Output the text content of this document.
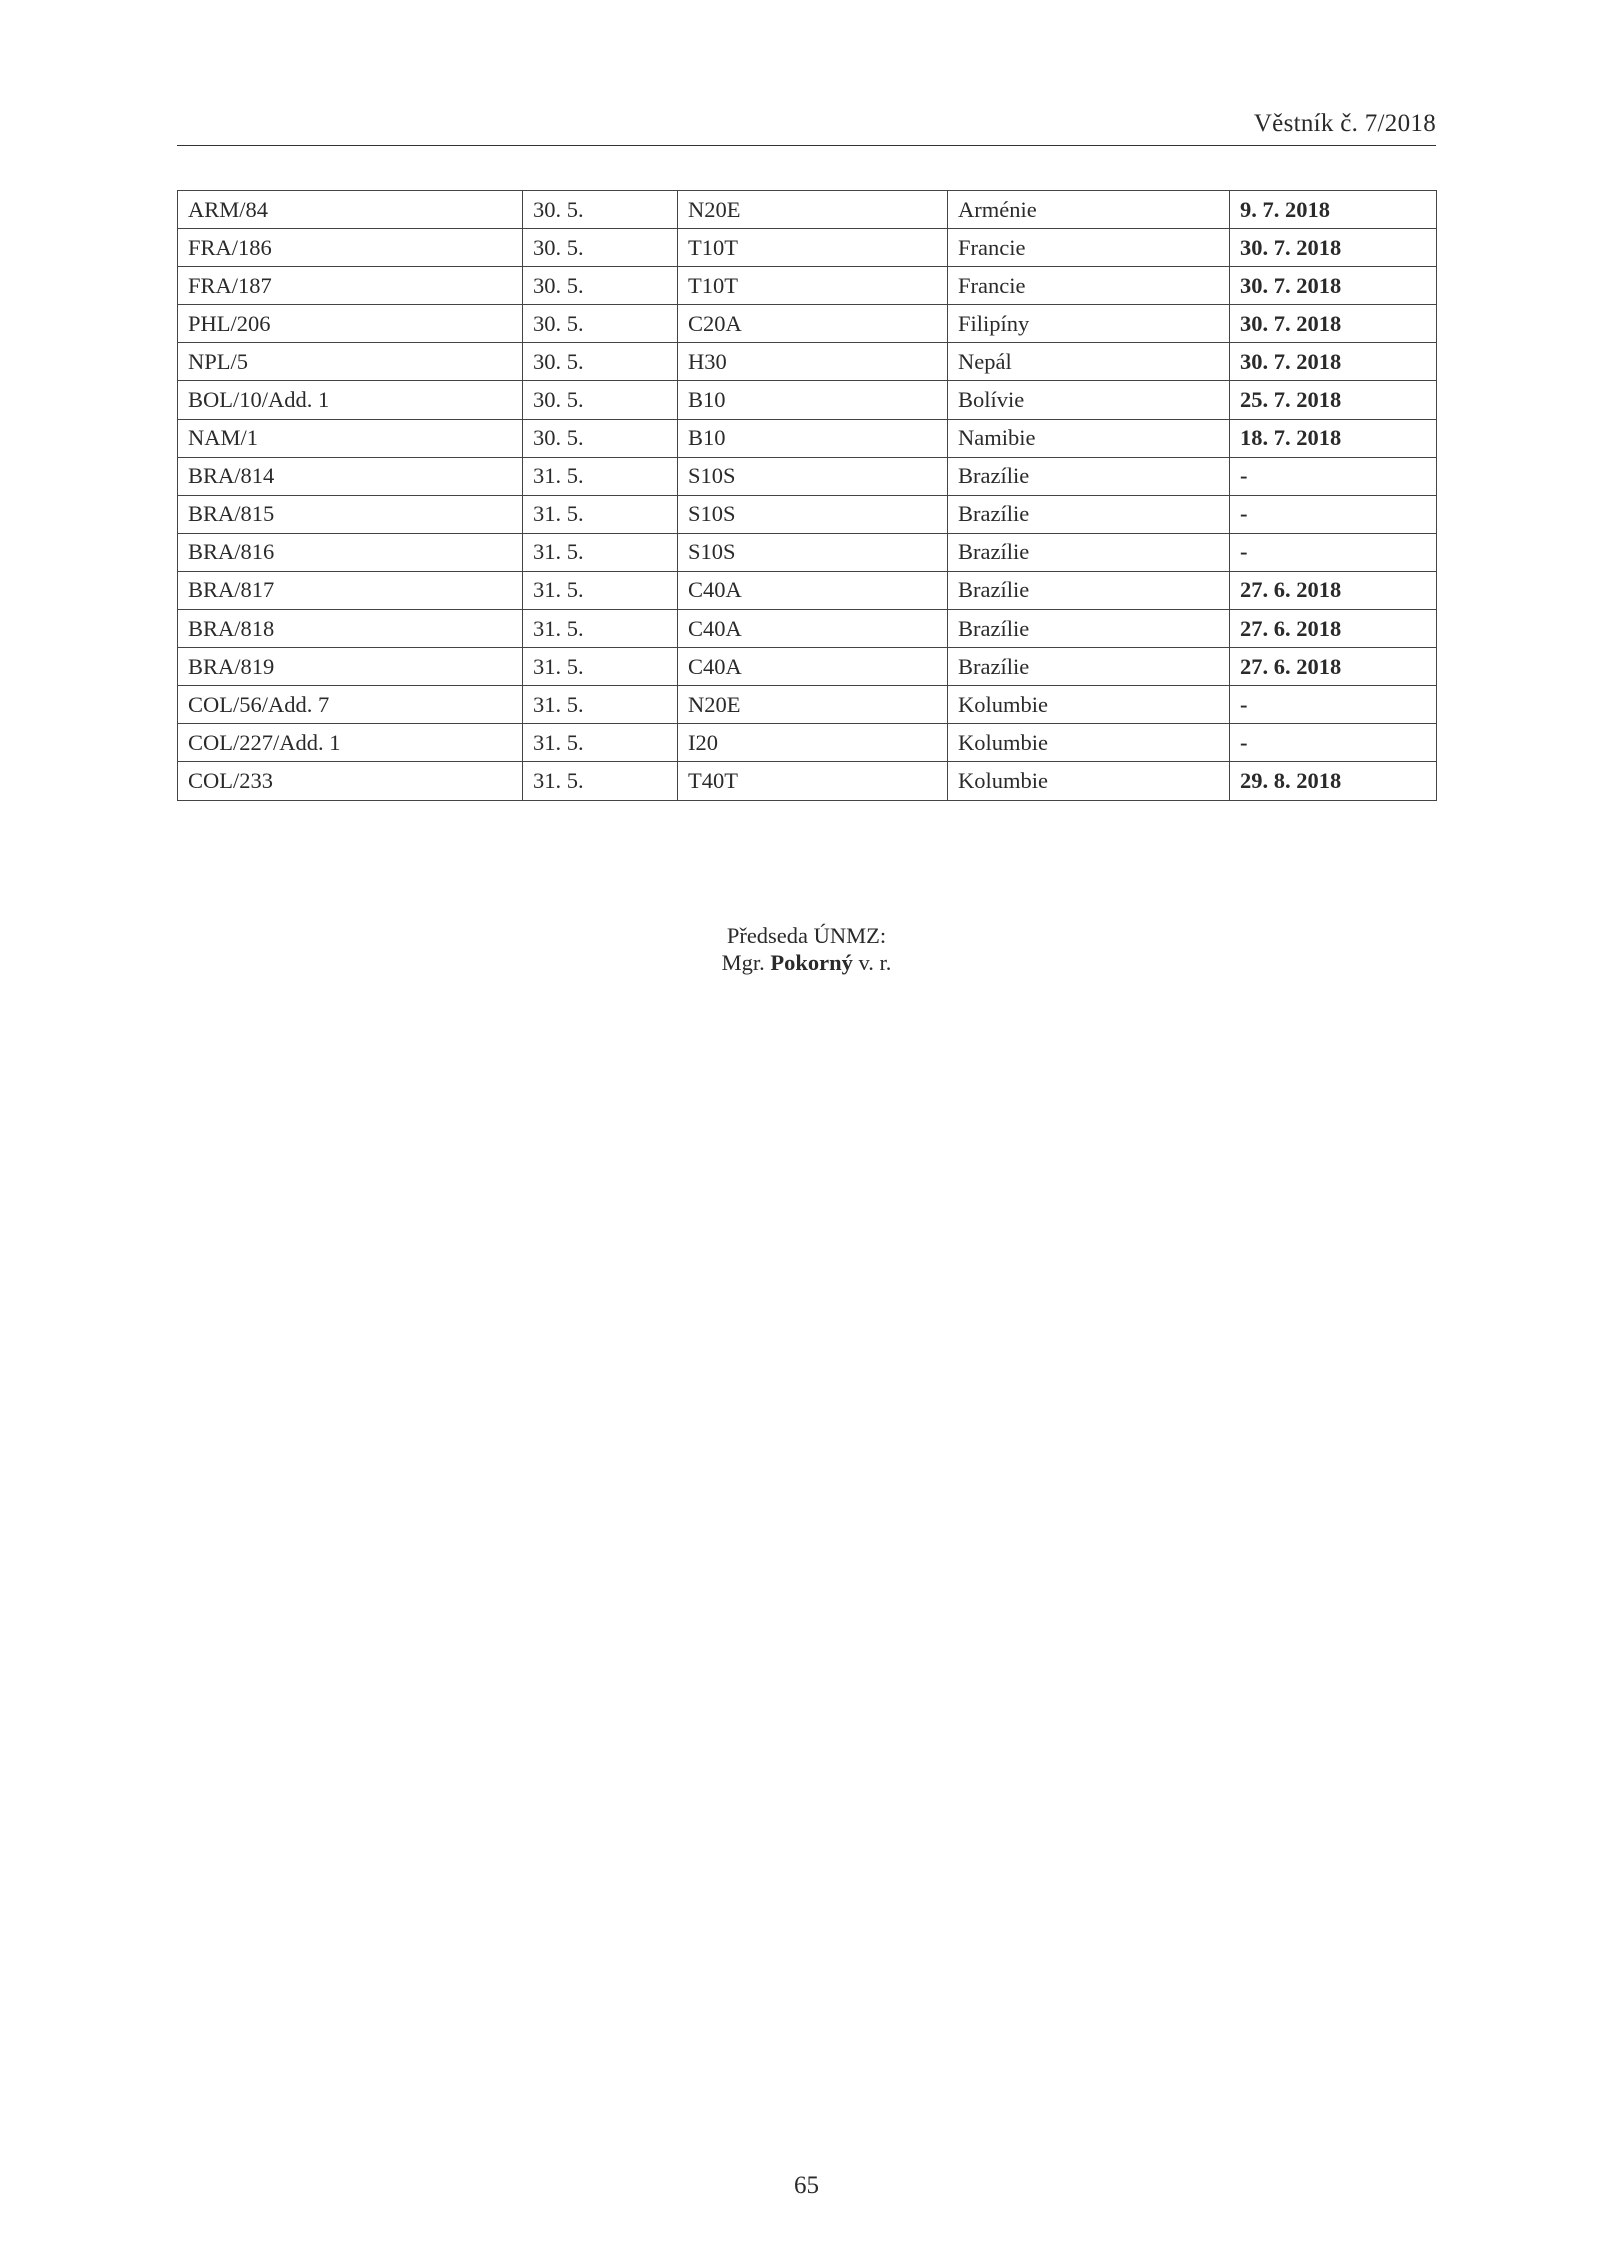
Věstník č. 7/2018
ARM/84	30. 5.	N20E	Arménie	9. 7. 2018
FRA/186	30. 5.	T10T	Francie	30. 7. 2018
FRA/187	30. 5.	T10T	Francie	30. 7. 2018
PHL/206	30. 5.	C20A	Filipíny	30. 7. 2018
NPL/5	30. 5.	H30	Nepál	30. 7. 2018
BOL/10/Add. 1	30. 5.	B10	Bolívie	25. 7. 2018
NAM/1	30. 5.	B10	Namibie	18. 7. 2018
BRA/814	31. 5.	S10S	Brazílie	-
BRA/815	31. 5.	S10S	Brazílie	-
BRA/816	31. 5.	S10S	Brazílie	-
BRA/817	31. 5.	C40A	Brazílie	27. 6. 2018
BRA/818	31. 5.	C40A	Brazílie	27. 6. 2018
BRA/819	31. 5.	C40A	Brazílie	27. 6. 2018
COL/56/Add. 7	31. 5.	N20E	Kolumbie	-
COL/227/Add. 1	31. 5.	I20	Kolumbie	-
COL/233	31. 5.	T40T	Kolumbie	29. 8. 2018
Předseda ÚNMZ:
Mgr. Pokorný v. r.
65
